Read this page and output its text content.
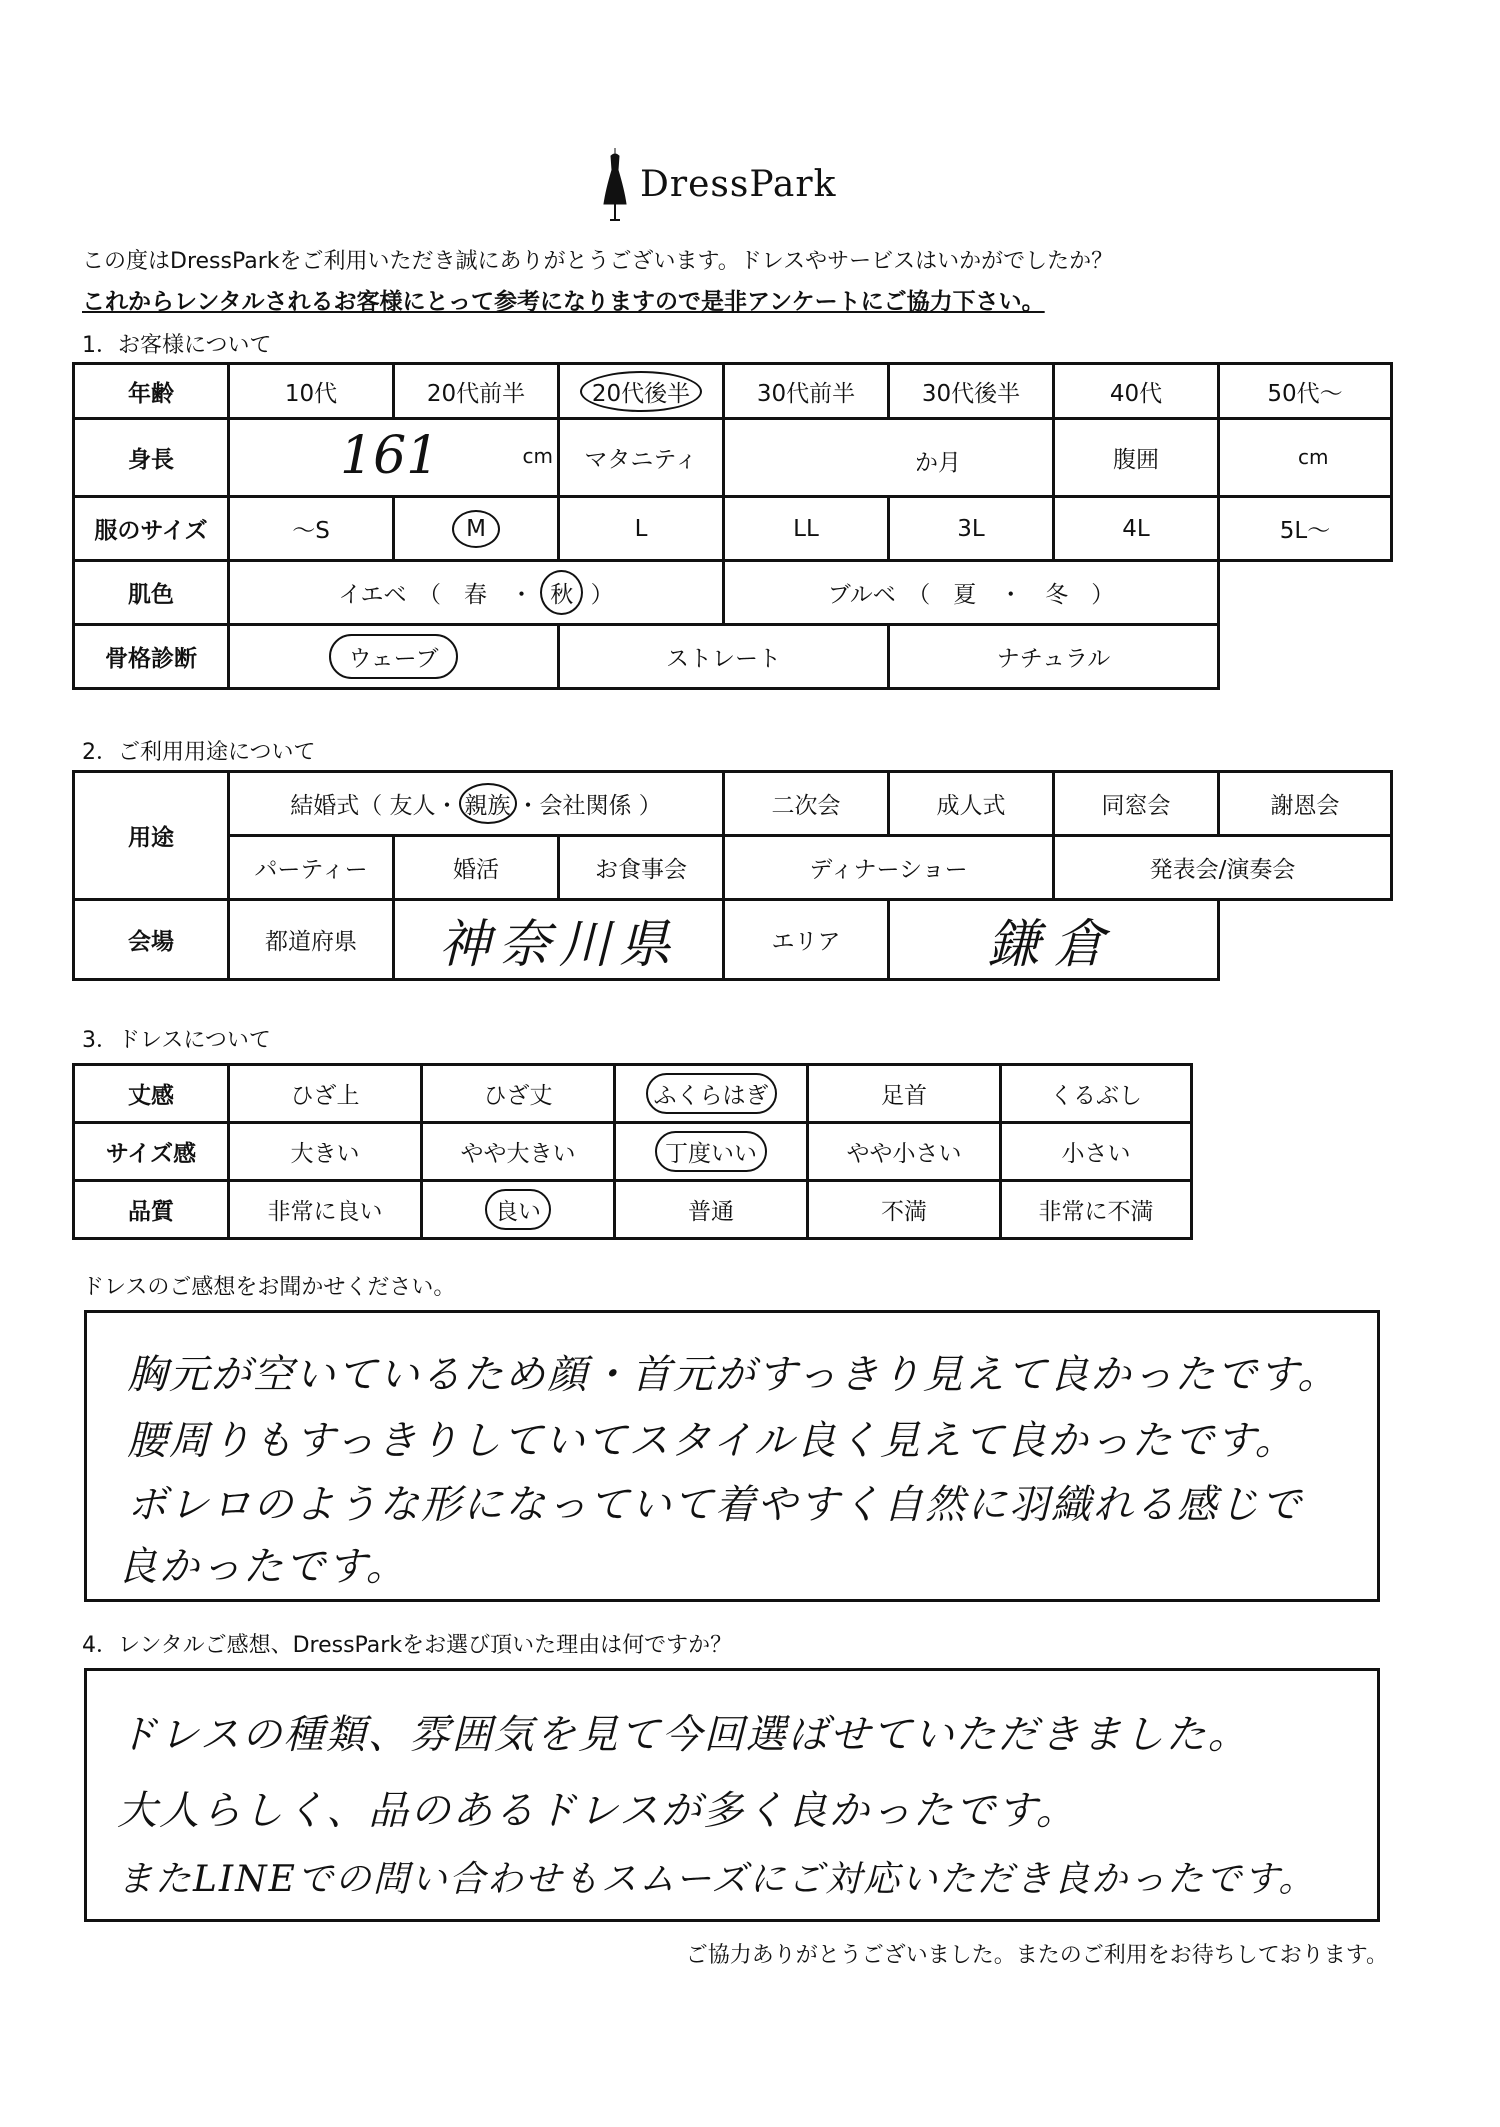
DressPark
この度はDressParkをご利用いただき誠にありがとうございます。ドレスやサービスはいかがでしたか？
これからレンタルされるお客様にとって参考になりますので是非アンケートにご協力下さい。
1．お客様について
年齢	10代	20代前半	20代後半	30代前半	30代後半	40代	50代〜
身長	161 cm		マタニティ	か月		腹囲	cm

服のサイズ	〜S	M	L	LL	3L	4L	5L〜
肌色	イエベ　（　春　・ 秋 ）			ブルベ　（　夏　・　冬　）			
骨格診断	ウェーブ		ストレート		ナチュラル		
2．ご利用用途について
用途	結婚式（ 友人・ 親族 ・会社関係 ）			二次会	成人式	同窓会	謝恩会
	パーティー	婚活	お食事会	ディナーショー		発表会/演奏会	
会場	都道府県	神奈川県		エリア	鎌倉		
3．ドレスについて
丈感	ひざ上	ひざ丈	ふくらはぎ	足首	くるぶし
サイズ感	大きい	やや大きい	丁度いい	やや小さい	小さい
品質	非常に良い	良い	普通	不満	非常に不満
ドレスのご感想をお聞かせください。
胸元が空いているため顔・首元がすっきり見えて良かったです。
腰周りもすっきりしていてスタイル良く見えて良かったです。
ボレロのような形になっていて着やすく自然に羽織れる感じで
良かったです。
4．レンタルご感想、DressParkをお選び頂いた理由は何ですか？
ドレスの種類、雰囲気を見て今回選ばせていただきました。
大人らしく、品のあるドレスが多く良かったです。
またLINEでの問い合わせもスムーズにご対応いただき良かったです。
ご協力ありがとうございました。またのご利用をお待ちしております。
